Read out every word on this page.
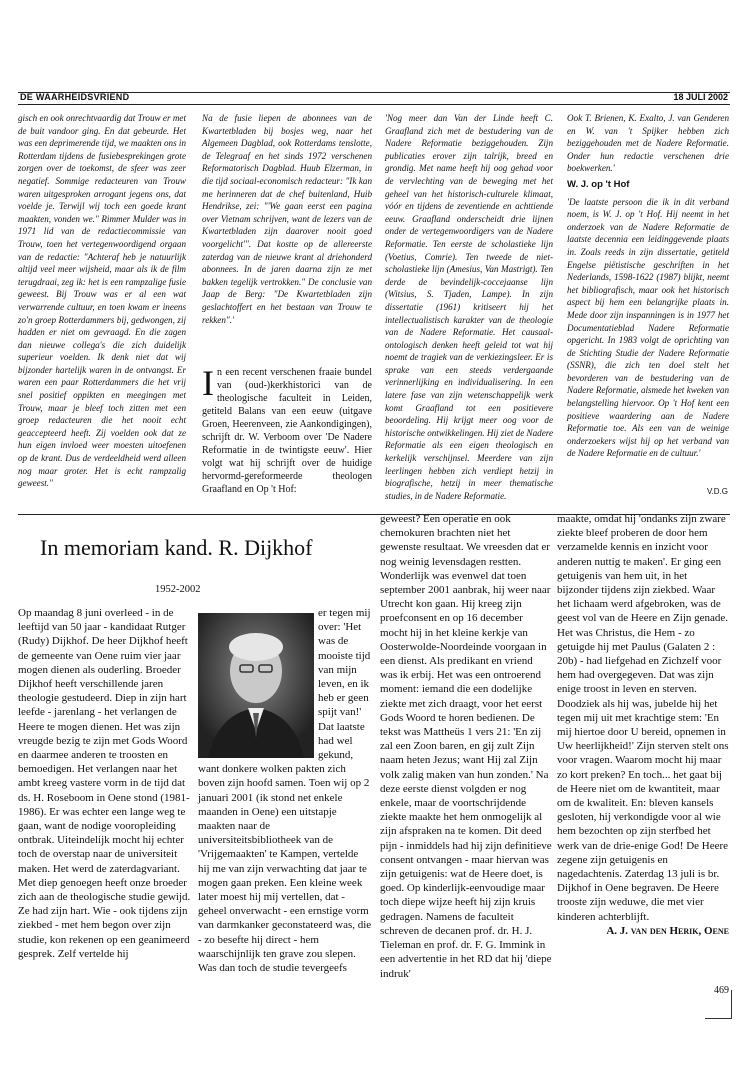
DE WAARHEIDSVRIEND	18 JULI 2002

gisch en ook onrechtvaardig dat Trouw er met de buit vandoor ging. En dat gebeurde. Het was een deprimerende tijd, we maakten ons in Rotterdam tijdens de fusiebesprekingen grote zorgen over de toekomst, de sfeer was zeer negatief. Sommige redacteuren van Trouw waren uitgesproken arrogant jegens ons, dat voelde je. Terwijl wij toch een goede krant maakten, vonden we." Rimmer Mulder was in 1971 lid van de redactiecommissie van Trouw, toen het vertegenwoordigend orgaan van de redactie: "Achteraf heb je natuurlijk altijd veel meer wijsheid, maar als ik de film terugdraai, zeg ik: het is een rampzalige fusie geweest. Bij Trouw was er al een wat verwarrende cultuur, en toen kwam er ineens zo'n groep Rotterdammers bij, gedwongen, zij hadden er niet om gevraagd. En die zagen dan nieuwe collega's die zich duidelijk superieur voelden. Ik denk niet dat wij bijzonder hartelijk waren in de ontvangst. Er waren een paar Rotterdammers die het vrij snel positief oppikten en meegingen met Trouw, maar je bleef toch zitten met een groep redacteuren die het nooit echt geaccepteerd heeft. Zij voelden ook dat ze hun eigen invloed weer moesten uitoefenen op de krant. Dus de verdeeldheid werd alleen nog maar groter. Het is echt rampzalig geweest."

Na de fusie liepen de abonnees van de Kwartetbladen bij bosjes weg, naar het Algemeen Dagblad, ook Rotterdams tenslotte, de Telegraaf en het sinds 1972 verschenen Reformatorisch Dagblad. Huub Elzerman, in die tijd sociaal-economisch redacteur: "Ik kan me herinneren dat de chef buitenland, Huib Hendrikse, zei: "'We gaan eerst een pagina over Vietnam schrijven, want de lezers van de Kwartetbladen zijn daarover nooit goed voorgelicht'". Dat kostte op de allereerste zaterdag van de nieuwe krant al driehonderd abonnees. In de jaren daarna zijn ze met bakken tegelijk vertrokken." De conclusie van Jaap de Berg: "De Kwartetbladen zijn geslachtoffert en het bestaan van Trouw te rekken".'

In een recent verschenen fraaie bundel van (oud-)kerkhistorici van de theologische faculteit in Leiden, getiteld Balans van een eeuw (uitgave Groen, Heerenveen, zie Aankondigingen), schrijft dr. W. Verboom over 'De Nadere Reformatie in de twintigste eeuw'. Hier volgt wat hij schrijft over de huidige hervormd-gereformeerde theologen Graafland en Op 't Hof:

'Nog meer dan Van der Linde heeft C. Graafland zich met de bestudering van de Nadere Reformatie beziggehouden. Zijn publicaties erover zijn talrijk, breed en grondig. Met name heeft hij oog gehad voor de vervlechting van de beweging met het geheel van het historisch-culturele klimaat, vóór en tijdens de zeventiende en achttiende eeuw. Graafland onderscheidt drie lijnen onder de vertegenwoordigers van de Nadere Reformatie. Ten eerste de scholastieke lijn (Voetius, Comrie). Ten tweede de niet-scholastieke lijn (Amesius, Van Mastrigt). Ten derde de bevindelijk-coccejaanse lijn (Witsius, S. Tjaden, Lampe). In zijn dissertatie (1961) kritiseert hij het intellectualistisch karakter van de theologie van de Nadere Reformatie. Het causaal-ontologisch denken heeft geleid tot wat hij noemt de tragiek van de verkiezingsleer. Er is sprake van een steeds verdergaande verinnerlijking en individualisering. In een latere fase van zijn wetenschappelijk werk komt Graafland tot een positievere beoordeling. Hij krijgt meer oog voor de historische ontwikkelingen. Hij ziet de Nadere Reformatie als een eigen theologisch en kerkelijk verschijnsel. Meerdere van zijn leerlingen hebben zich verdiept hetzij in biografische, hetzij in meer thematische studies, in de Nadere Reformatie.

Ook T. Brienen, K. Exalto, J. van Genderen en W. van 't Spijker hebben zich beziggehouden met de Nadere Reformatie. Onder hun redactie verschenen drie boekwerken.'

W. J. op 't Hof

'De laatste persoon die ik in dit verband noem, is W. J. op 't Hof. Hij neemt in het onderzoek van de Nadere Reformatie de laatste decennia een leidinggevende plaats in. Zoals reeds in zijn dissertatie, getiteld Engelse piëtistische geschriften in het Nederlands, 1598-1622 (1987) blijkt, neemt het bibliografisch, maar ook het historisch aspect bij hem een belangrijke plaats in. Mede door zijn inspanningen is in 1977 het Documentatieblad Nadere Reformatie opgericht. In 1983 volgt de oprichting van de Stichting Studie der Nadere Reformatie (SSNR), die zich ten doel stelt het bevorderen van de bestudering van de Nadere Reformatie, alsmede het kweken van belangstelling hiervoor. Op 't Hof kent een positieve waardering aan de Nadere Reformatie toe. Als een van de weinige onderzoekers wijst hij op het verband van de Nadere Reformatie en de cultuur.'

V.D.G
In memoriam kand. R. Dijkhof
1952-2002

Op maandag 8 juni overleed - in de leeftijd van 50 jaar - kandidaat Rutger (Rudy) Dijkhof. De heer Dijkhof heeft de gemeente van Oene ruim vier jaar mogen dienen als ouderling. Broeder Dijkhof heeft verschillende jaren theologie gestudeerd. Diep in zijn hart leefde - jarenlang - het verlangen de Heere te mogen dienen. Het was zijn vreugde bezig te zijn met Gods Woord en daarmee anderen te troosten en bemoedigen. Het verlangen naar het ambt kreeg vastere vorm in de tijd dat ds. H. Roseboom in Oene stond (1981-1986). Er was echter een lange weg te gaan, want de nodige vooropleiding ontbrak. Uiteindelijk mocht hij echter toch de overstap naar de universiteit maken. Het werd de zaterdagvariant. Met diep genoegen heeft onze broeder zich aan de theologische studie gewijd. Ze had zijn hart. Wie - ook tijdens zijn ziekbed - met hem begon over zijn studie, kon rekenen op een geanimeerd gesprek. Zelf vertelde hij

er tegen mij over: 'Het was de mooiste tijd van mijn leven, en ik heb er geen spijt van!' Dat laatste had wel gekund, want donkere wolken pakten zich boven zijn hoofd samen. Toen wij op 2 januari 2001 (ik stond net enkele maanden in Oene) een uitstapje maakten naar de universiteitsbibliotheek van de 'Vrijgemaakten' te Kampen, vertelde hij me van zijn verwachting dat jaar te mogen gaan preken. Een kleine week later moest hij mij vertellen, dat - geheel onverwacht - een ernstige vorm van darmkanker geconstateerd was, die - zo besefte hij direct - hem waarschijnlijk ten grave zou slepen. Was dan toch de studie tevergeefs

geweest? Een operatie en ook chemokuren brachten niet het gewenste resultaat. We vreesden dat er nog weinig levensdagen restten. Wonderlijk was evenwel dat toen september 2001 aanbrak, hij weer naar Utrecht kon gaan. Hij kreeg zijn proefconsent en op 16 december mocht hij in het kleine kerkje van Oosterwolde-Noordeinde voorgaan in een dienst. Als predikant en vriend was ik erbij. Het was een ontroerend moment: iemand die een dodelijke ziekte met zich draagt, voor het eerst Gods Woord te horen bedienen. De tekst was Mattheüs 1 vers 21: 'En zij zal een Zoon baren, en gij zult Zijn naam heten Jezus; want Hij zal Zijn volk zalig maken van hun zonden.' Na deze eerste dienst volgden er nog enkele, maar de voortschrijdende ziekte maakte het hem onmogelijk al zijn afspraken na te komen. Dit deed pijn - inmiddels had hij zijn definitieve consent ontvangen - maar hiervan was zijn getuigenis: wat de Heere doet, is goed. Op kinderlijk-eenvoudige maar toch diepe wijze heeft hij zijn kruis gedragen. Namens de faculteit schreven de decanen prof. dr. H. J. Tieleman en prof. dr. F. G. Immink in een advertentie in het RD dat hij 'diepe indruk'

maakte, omdat hij 'ondanks zijn zware ziekte bleef proberen de door hem verzamelde kennis en inzicht voor anderen nuttig te maken'. Er ging een getuigenis van hem uit, in het bijzonder tijdens zijn ziekbed. Waar het lichaam werd afgebroken, was de geest vol van de Heere en Zijn genade. Het was Christus, die Hem - zo getuigde hij met Paulus (Galaten 2 : 20b) - had liefgehad en Zichzelf voor hem had overgegeven. Dat was zijn enige troost in leven en sterven. Doodziek als hij was, jubelde hij het tegen mij uit met krachtige stem: 'En mij hiertoe door U bereid, opnemen in Uw heerlijkheid!' Zijn sterven stelt ons voor vragen. Waarom mocht hij maar zo kort preken? En toch... het gaat bij de Heere niet om de kwantiteit, maar om de kwaliteit. En: bleven kansels gesloten, hij verkondigde voor al wie hem bezochten op zijn sterfbed het werk van de drie-enige God! De Heere zegene zijn getuigenis en nagedachtenis. Zaterdag 13 juli is br. Dijkhof in Oene begraven. De Heere trooste zijn weduwe, die met vier kinderen achterblijft.

A. J. van den Herik, Oene

469
